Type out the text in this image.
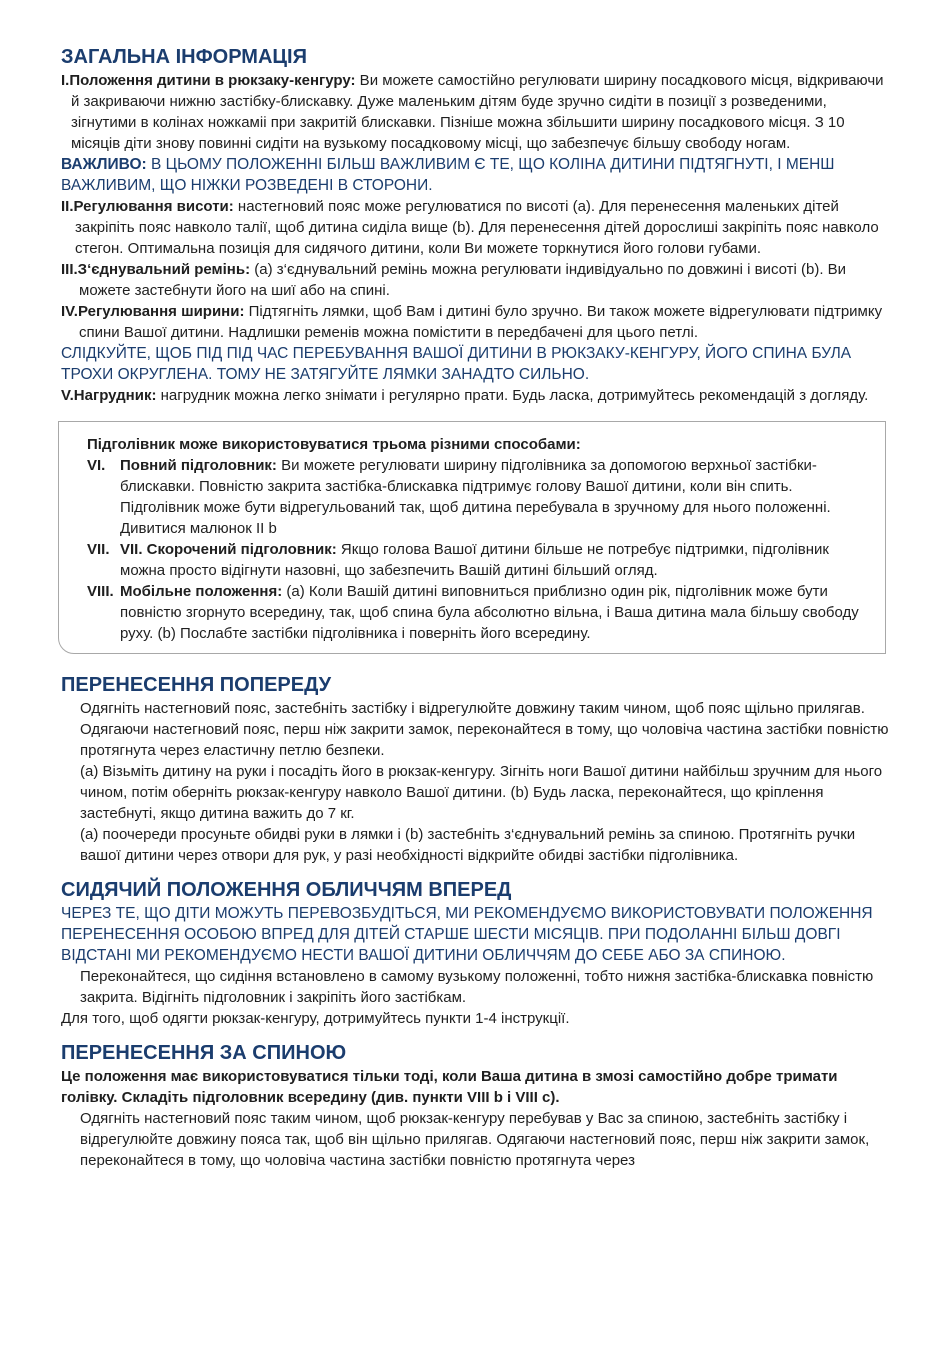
ЗАГАЛЬНА ІНФОРМАЦІЯ

I.Положення дитини в рюкзаку-кенгуру: Ви можете самостійно регулювати ширину посадкового місця, відкриваючи й закриваючи нижню застібку-блискавку. Дуже маленьким дітям буде зручно сидіти в позиції з розведеними, зігнутими в колінах ножкаміі при закритій блискавки. Пізніше можна збільшити ширину посадкового місця. З 10 місяців діти знову повинні сидіти на вузькому посадковому місці, що забезпечує більшу свободу ногам.

ВАЖЛИВО: В ЦЬОМУ ПОЛОЖЕННІ БІЛЬШ ВАЖЛИВИМ Є ТЕ, ЩО КОЛІНА ДИТИНИ ПІДТЯГНУТІ, І МЕНШ ВАЖЛИВИМ, ЩО НІЖКИ РОЗВЕДЕНІ В СТОРОНИ.

II.Регулювання висоти: настегновий пояс може регулюватися по висоті (a). Для перенесення маленьких дітей закріпіть пояс навколо талії, щоб дитина сиділа вище (b). Для перенесення дітей дорослиші закріпіть пояс навколо стегон. Оптимальна позиція для сидячого дитини, коли Ви можете торкнутися його голови губами.

III.З‘єднувальний ремінь: (a) з‘єднувальний ремінь можна регулювати індивідуально по довжині і висоті (b). Ви можете застебнути його на шиї або на спині.

IV.Регулювання ширини: Підтягніть лямки, щоб Вам і дитині було зручно. Ви також можете відрегулювати підтримку спини Вашої дитини. Надлишки ременів можна помістити в передбачені для цього петлі.

СЛІДКУЙТЕ, ЩОБ ПІД ПІД ЧАС ПЕРЕБУВАННЯ ВАШОЇ ДИТИНИ В РЮКЗАКУ-КЕНГУРУ, ЙОГО СПИНА БУЛА ТРОХИ ОКРУГЛЕНА. ТОМУ НЕ ЗАТЯГУЙТЕ ЛЯМКИ ЗАНАДТО СИЛЬНО.

V.Нагрудник: нагрудник можна легко знімати і регулярно прати. Будь ласка, дотримуйтесь рекомендацій з догляду.

Підголівник може використовуватися трьома різними способами:

VI. Повний підголовник: Ви можете регулювати ширину підголівника за допомогою верхньої застібки-блискавки. Повністю закрита застібка-блискавка підтримує голову Вашої дитини, коли він спить. Підголівник може бути відрегульований так, щоб дитина перебувала в зручному для нього положенні. Дивитися малюнок II b
VII. VII. Скорочений підголовник: Якщо голова Вашої дитини більше не потребує підтримки, підголівник можна просто відігнути назовні, що забезпечить Вашій дитині більший огляд.
VIII. Мобільне положення: (a) Коли Вашій дитині виповниться приблизно один рік, підголівник може бути повністю згорнуто всередину, так, щоб спина була абсолютно вільна, і Ваша дитина мала більшу свободу руху. (b) Послабте застібки підголівника і поверніть його всередину.
ПЕРЕНЕСЕННЯ ПОПЕРЕДУ

Одягніть настегновий пояс, застебніть застібку і відрегулюйте довжину таким чином, щоб пояс щільно прилягав. Одягаючи настегновий пояс, перш ніж закрити замок, переконайтеся в тому, що чоловіча частина застібки повністю протягнута через еластичну петлю безпеки.

(a) Візьміть дитину на руки і посадіть його в рюкзак-кенгуру. Зігніть ноги Вашої дитини найбільш зручним для нього чином, потім оберніть рюкзак-кенгуру навколо Вашої дитини. (b) Будь ласка, переконайтеся, що кріплення застебнуті, якщо дитина важить до 7 кг.

(a) поочереди просуньте обидві руки в лямки і (b) застебніть з‘єднувальний ремінь за спиною. Протягніть ручки вашої дитини через отвори для рук, у разі необхідності відкрийте обидві застібки підголівника.

СИДЯЧИЙ ПОЛОЖЕННЯ ОБЛИЧЧЯМ ВПЕРЕД

ЧЕРЕЗ ТЕ, ЩО ДІТИ МОЖУТЬ ПЕРЕВОЗБУДІТЬСЯ, МИ РЕКОМЕНДУЄМО ВИКОРИСТОВУВАТИ ПОЛОЖЕННЯ ПЕРЕНЕСЕННЯ ОСОБОЮ ВПРЕД ДЛЯ ДІТЕЙ СТАРШЕ ШЕСТИ МІСЯЦІВ. ПРИ ПОДОЛАННІ БІЛЬШ ДОВГІ ВІДСТАНІ МИ РЕКОМЕНДУЄМО НЕСТИ ВАШОЇ ДИТИНИ ОБЛИЧЧЯМ ДО СЕБЕ АБО ЗА СПИНОЮ.

Переконайтеся, що сидіння встановлено в самому вузькому положенні, тобто нижня застібка-блискавка повністю закрита. Відігніть підголовник і закріпіть його застібкам.

Для того, щоб одягти рюкзак-кенгуру, дотримуйтесь пункти 1-4 інструкції.

ПЕРЕНЕСЕННЯ ЗА СПИНОЮ

Це положення має використовуватися тільки тоді, коли Ваша дитина в змозі самостійно добре тримати голівку. Складіть підголовник всередину (див. пункти VIII b і VIII c).

Одягніть настегновий пояс таким чином, щоб рюкзак-кенгуру перебував у Вас за спиною, застебніть застібку і відрегулюйте довжину пояса так, щоб він щільно прилягав. Одягаючи настегновий пояс, перш ніж закрити замок, переконайтеся в тому, що чоловіча частина застібки повністю протягнута через
